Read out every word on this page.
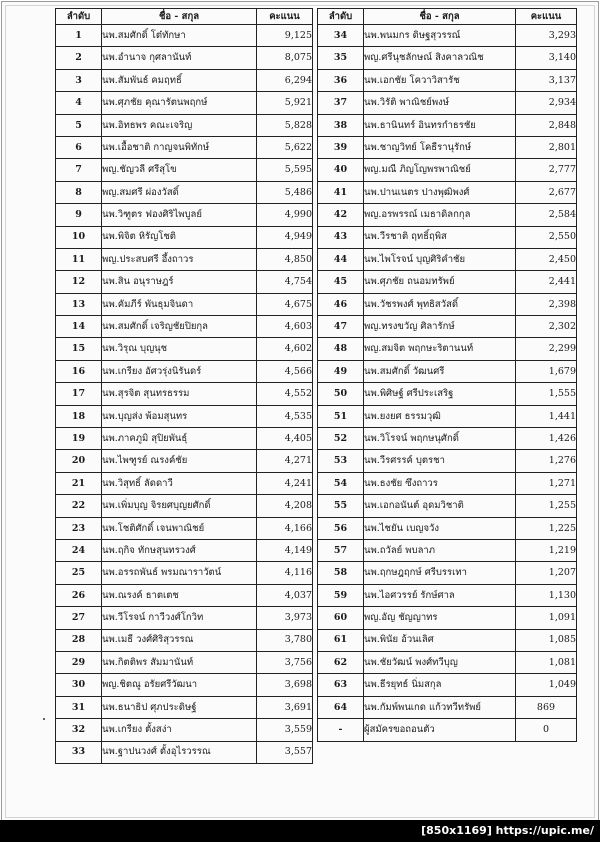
ลำดับ	ชื่อ - สกุล	คะแนน
1	นพ.สมศักดิ์ โต๋ทักษา	9,125
2	นพ.อำนาจ กุศลานันท์	8,075
3	นพ.สัมพันธ์ คมฤทธิ์	6,294
4	นพ.ศุภชัย คุณารัตนพฤกษ์	5,921
5	นพ.อิทธพร คณะเจริญ	5,828
6	นพ.เอื้อชาติ กาญจนพิทักษ์	5,622
7	พญ.ชัญวลี ศรีสุโข	5,595
8	พญ.สมศรี ผ่องวัสดิ์	5,486
9	นพ.วิฑูตร ฟองศิริไพบูลย์	4,990
10	นพ.พิจิต หิรัญโชติ	4,949
11	พญ.ประสบศรี อึ้งถาวร	4,850
12	นพ.สิน อนุราษฎร์	4,754
13	นพ.คัมภีร์ พันธุมจินดา	4,675
14	นพ.สมศักดิ์ เจริญชัยปิยกุล	4,603
15	นพ.วิรุณ บุญนุช	4,602
16	นพ.เกรียง อัศวรุ่งนิรันดร์	4,566
17	นพ.สุรจิต สุนทรธรรม	4,552
18	นพ.บุญส่ง พ้อมสุนทร	4,535
19	นพ.ภาคภูมิ สุปิยพันธุ์	4,405
20	นพ.ไพฑูรย์ ณรงค์ชัย	4,271
21	นพ.วิสุทธิ์ ลัดดาวี	4,241
22	นพ.เพิ่มบุญ จิรยศบุญยศักดิ์	4,208
23	นพ.โชติศักดิ์ เจนพาณิชย์	4,166
24	นพ.ฤกิจ ทักษสุนทรวงศ์	4,149
25	นพ.อรรถพันธ์ พรมณาราวัตน์	4,116
26	นพ.ณรงค์ ธาตเตช	4,037
27	นพ.วีโรจน์ กาวีวงศ์โกวิท	3,973
28	นพ.เมธี วงศ์ศิริสุวรรณ	3,780
29	นพ.กิตติพร สัมมานันท์	3,756
30	พญ.ชิตณู อรัยศรีวัฒนา	3,698
31	นพ.ธนาธิป ศุภประดิษฐ์	3,691
32	นพ.เกรียง ตั้งสง่า	3,559
33	นพ.ฐาปนวงศ์ ตั้งอุไรวรรณ	3,557
ลำดับ	ชื่อ - สกุล	คะแนน
34	นพ.พนมกร ดิษฐสุวรรณ์	3,293
35	พญ.ศรีนุชลักษณ์ สิงคาลวณิช	3,140
36	นพ.เอกชัย โควาวิสารัช	3,137
37	นพ.วิรัติ พาณิชย์พงษ์	2,934
38	นพ.ธานินทร์ อินทรกำธรชัย	2,848
39	นพ.ชาญวิทย์ โคธีรานุรักษ์	2,801
40	พญ.มณี ภิญโญพรพาณิชย์	2,777
41	นพ.ปานเนตร ปางพุฒิพงศ์	2,677
42	พญ.อรพรรณ์ เมธาดิลกกุล	2,584
43	นพ.วีรชาติ ฤทธิ์ฤพิส	2,550
44	นพ.ไพโรจน์ บุญศิริคำชัย	2,450
45	นพ.ศุภชัย ถนอมทรัพย์	2,441
46	นพ.วัชรพงศ์ พุทธิสวัสดิ์	2,398
47	พญ.ทรงขวัญ ศิลารักษ์	2,302
48	พญ.สมจิต พฤกษะริตานนท์	2,299
49	นพ.สมศักดิ์ วัฒนศรี	1,679
50	นพ.พิศิษฐ์ ศรีประเสริฐ	1,555
51	นพ.ยงยศ ธรรมวุฒิ	1,441
52	นพ.วิโรจน์ พฤกษนุศักดิ์	1,426
53	นพ.วีรศรรค์ บุตรชา	1,276
54	นพ.ธงชัย ซึงถาวร	1,271
55	นพ.เอกอนันต์ อุดมวิชาติ	1,255
56	นพ.ไชยัน เบญจวัง	1,225
57	นพ.ถวัลย์ พบลาภ	1,219
58	นพ.ฤกษฎฤกษ์ ศรีบรรเทา	1,207
59	นพ.ไอศวรรย์ รักษ์ศาล	1,130
60	พญ.อัญ ชัญญาทร	1,091
61	นพ.พินัย อ้วนเลิศ	1,085
62	นพ.ชัยวัฒน์ พงศ์ทวีบุญ	1,081
63	นพ.ธีรยุทธ์ นิ่มสกุล	1,049
64	นพ.กัมพ์พนเกด แก้วทวีทรัพย์	869
-	ผู้สมัครขอถอนตัว	0
[850x1169] https://upic.me/
